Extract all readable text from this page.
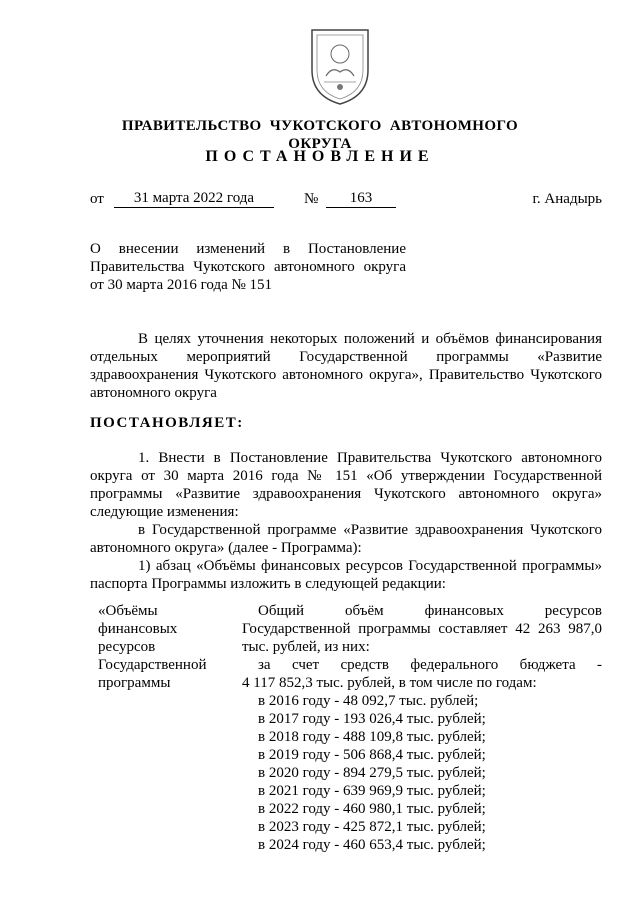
ПРАВИТЕЛЬСТВО ЧУКОТСКОГО АВТОНОМНОГО ОКРУГА
ПОСТАНОВЛЕНИЕ
от	31 марта 2022 года	№	163	г. Анадырь
О внесении изменений в Постановление
Правительства Чукотского автономного округа
от 30 марта 2016 года № 151
В целях уточнения некоторых положений и объёмов финансирования
отдельных мероприятий Государственной программы «Развитие
здравоохранения Чукотского автономного округа», Правительство Чукотского
автономного округа
ПОСТАНОВЛЯЕТ:
1. Внести в Постановление Правительства Чукотского автономного
округа от 30 марта 2016 года № 151 «Об утверждении Государственной
программы «Развитие здравоохранения Чукотского автономного округа»
следующие изменения:
в Государственной программе «Развитие здравоохранения Чукотского
автономного округа» (далее - Программа):
1) абзац «Объёмы финансовых ресурсов Государственной программы»
паспорта Программы изложить в следующей редакции:
«Объёмы
финансовых
ресурсов
Государственной
программы
Общий объём финансовых ресурсов
Государственной программы составляет 42 263 987,0
тыс. рублей, из них:
за счет средств федерального бюджета -
4 117 852,3 тыс. рублей, в том числе по годам:
в 2016 году - 48 092,7 тыс. рублей;
в 2017 году - 193 026,4 тыс. рублей;
в 2018 году - 488 109,8 тыс. рублей;
в 2019 году - 506 868,4 тыс. рублей;
в 2020 году - 894 279,5 тыс. рублей;
в 2021 году - 639 969,9 тыс. рублей;
в 2022 году - 460 980,1 тыс. рублей;
в 2023 году - 425 872,1 тыс. рублей;
в 2024 году - 460 653,4 тыс. рублей;
